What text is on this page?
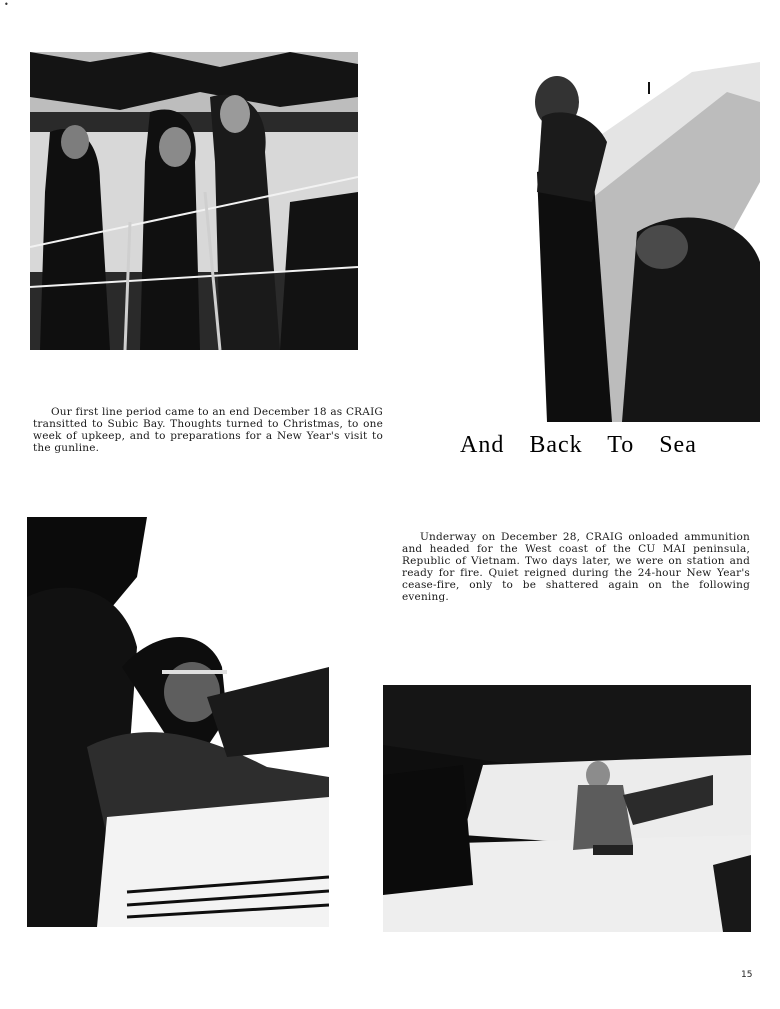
•

Our first line period came to an end December 18 as CRAIG transitted to Subic Bay. Thoughts turned to Christmas, to one week of upkeep, and to preparations for a New Year's visit to the gunline.	And Back To Sea

Underway on December 28, CRAIG onloaded ammunition and headed for the West coast of the CU MAI peninsula, Republic of Vietnam. Two days later, we were on station and ready for fire. Quiet reigned during the 24-hour New Year's cease-fire, only to be shattered again on the following evening.

15
